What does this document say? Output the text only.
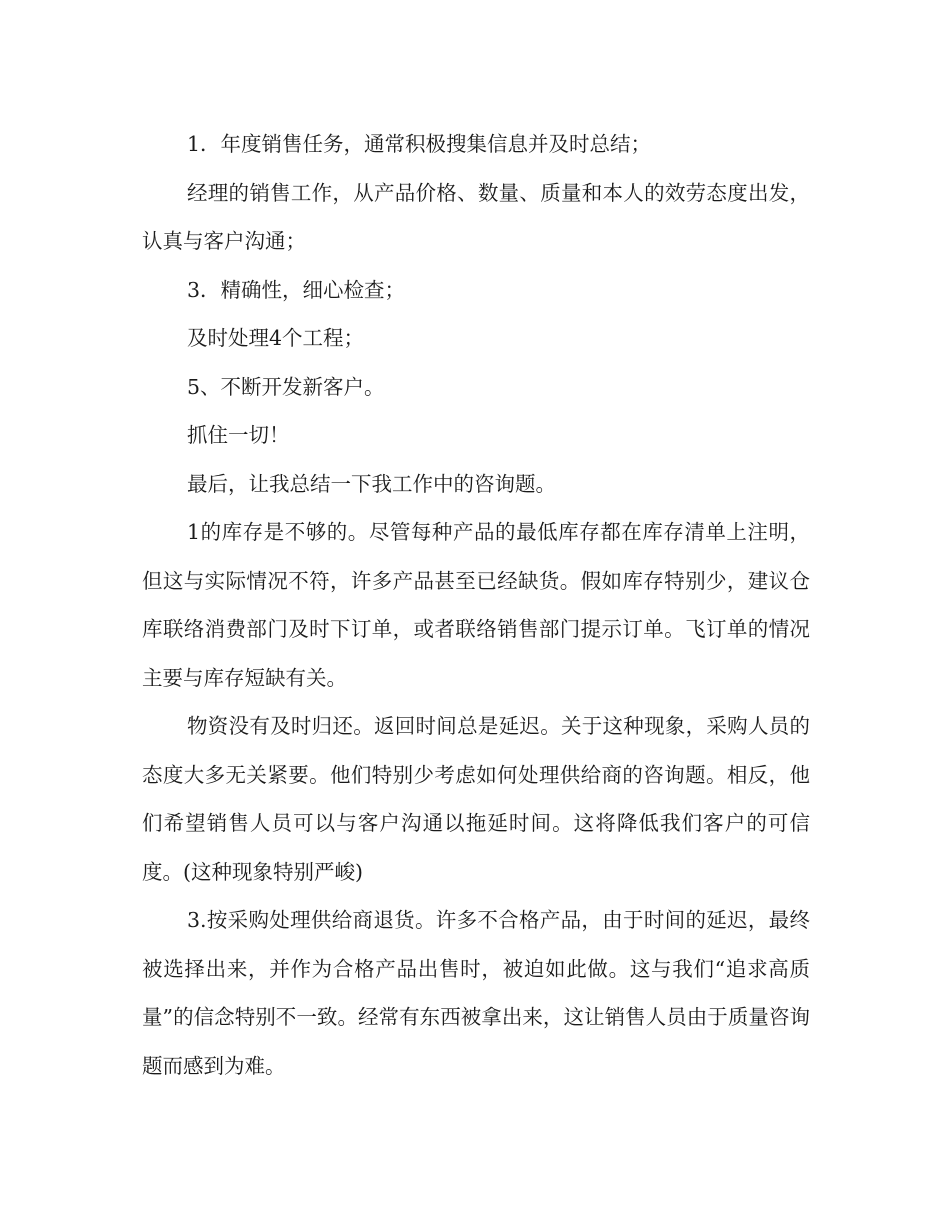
1．年度销售任务，通常积极搜集信息并及时总结；

经理的销售工作，从产品价格、数量、质量和本人的效劳态度出发，认真与客户沟通；

3．精确性，细心检查；

及时处理4个工程；

5、不断开发新客户。

抓住一切！

最后，让我总结一下我工作中的咨询题。

1的库存是不够的。尽管每种产品的最低库存都在库存清单上注明，但这与实际情况不符，许多产品甚至已经缺货。假如库存特别少，建议仓库联络消费部门及时下订单，或者联络销售部门提示订单。飞订单的情况主要与库存短缺有关。

物资没有及时归还。返回时间总是延迟。关于这种现象，采购人员的态度大多无关紧要。他们特别少考虑如何处理供给商的咨询题。相反，他们希望销售人员可以与客户沟通以拖延时间。这将降低我们客户的可信度。(这种现象特别严峻)

3.按采购处理供给商退货。许多不合格产品，由于时间的延迟，最终被选择出来，并作为合格产品出售时，被迫如此做。这与我们“追求高质量”的信念特别不一致。经常有东西被拿出来，这让销售人员由于质量咨询题而感到为难。
